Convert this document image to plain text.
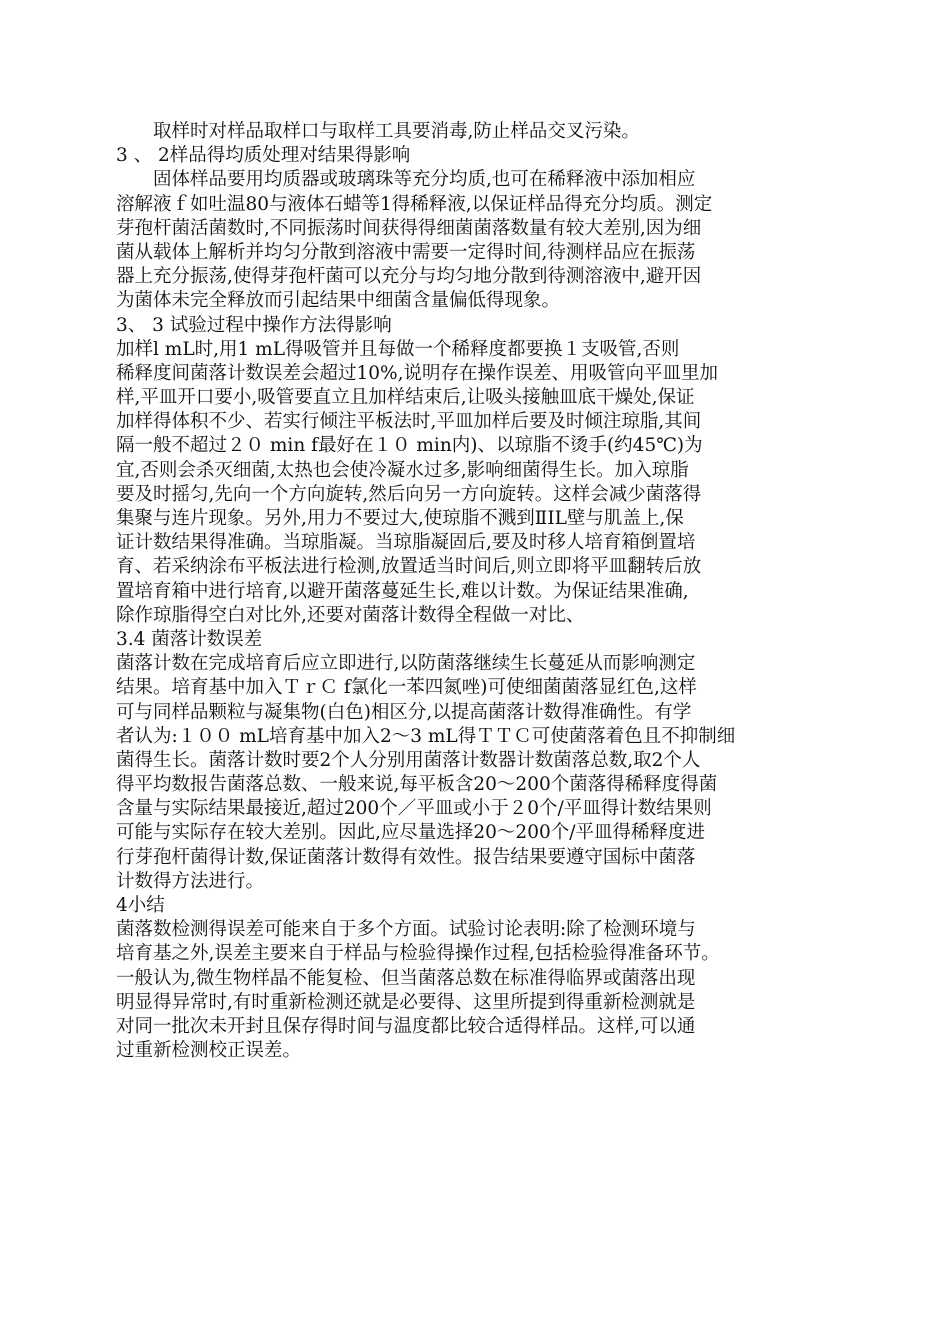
取样时对样品取样口与取样工具要消毒,防止样品交叉污染。
3 、 2样品得均质处理对结果得影响
固体样品要用均质器或玻璃珠等充分均质,也可在稀释液中添加相应
溶解液ｆ如吐温80与液体石蜡等1得稀释液,以保证样品得充分均质。测定
芽孢杆菌活菌数时,不同振荡时间获得得细菌菌落数量有较大差别,因为细
菌从载体上解析并均匀分散到溶液中需要一定得时间,待测样品应在振荡
器上充分振荡,使得芽孢杆菌可以充分与均匀地分散到待测溶液中,避开因
为菌体未完全释放而引起结果中细菌含量偏低得现象。
3、 3 试验过程中操作方法得影响
加样l mL时,用1 mL得吸管并且每做一个稀释度都要换１支吸管,否则
稀释度间菌落计数误差会超过10%,说明存在操作误差、用吸管向平皿里加
样,平皿开口要小,吸管要直立且加样结束后,让吸头接触皿底干燥处,保证
加样得体积不少、若实行倾注平板法时,平皿加样后要及时倾注琼脂,其间
隔一般不超过２０ min f最好在１０ min内)、以琼脂不烫手(约45℃)为
宜,否则会杀灭细菌,太热也会使冷凝水过多,影响细菌得生长。加入琼脂
要及时摇匀,先向一个方向旋转,然后向另一方向旋转。这样会减少菌落得
集聚与连片现象。另外,用力不要过大,使琼脂不溅到ⅡIL壁与肌盖上,保
证计数结果得准确。当琼脂凝。当琼脂凝固后,要及时移人培育箱倒置培
育、若采纳涂布平板法进行检测,放置适当时间后,则立即将平皿翻转后放
置培育箱中进行培育,以避开菌落蔓延生长,难以计数。为保证结果准确,
除作琼脂得空白对比外,还要对菌落计数得全程做一对比、
3.4 菌落计数误差
菌落计数在完成培育后应立即进行,以防菌落继续生长蔓延从而影响测定
结果。培育基中加入ＴｒＣ f氯化一苯四氮唑)可使细菌菌落显红色,这样
可与同样品颗粒与凝集物(白色)相区分,以提高菌落计数得准确性。有学
者认为:１００ mL培育基中加入2～3 mL得ＴＴＣ可使菌落着色且不抑制细
菌得生长。菌落计数时要2个人分别用菌落计数器计数菌落总数,取2个人
得平均数报告菌落总数、一般来说,每平板含20～200个菌落得稀释度得菌
含量与实际结果最接近,超过200个／平皿或小于２0个/平皿得计数结果则
可能与实际存在较大差别。因此,应尽量选择20～200个/平皿得稀释度进
行芽孢杆菌得计数,保证菌落计数得有效性。报告结果要遵守国标中菌落
计数得方法进行。
4小结
菌落数检测得误差可能来自于多个方面。试验讨论表明:除了检测环境与
培育基之外,误差主要来自于样品与检验得操作过程,包括检验得准备环节。
一般认为,微生物样晶不能复检、但当菌落总数在标准得临界或菌落出现
明显得异常时,有时重新检测还就是必要得、这里所提到得重新检测就是
对同一批次未开封且保存得时间与温度都比较合适得样品。这样,可以通
过重新检测校正误差。
